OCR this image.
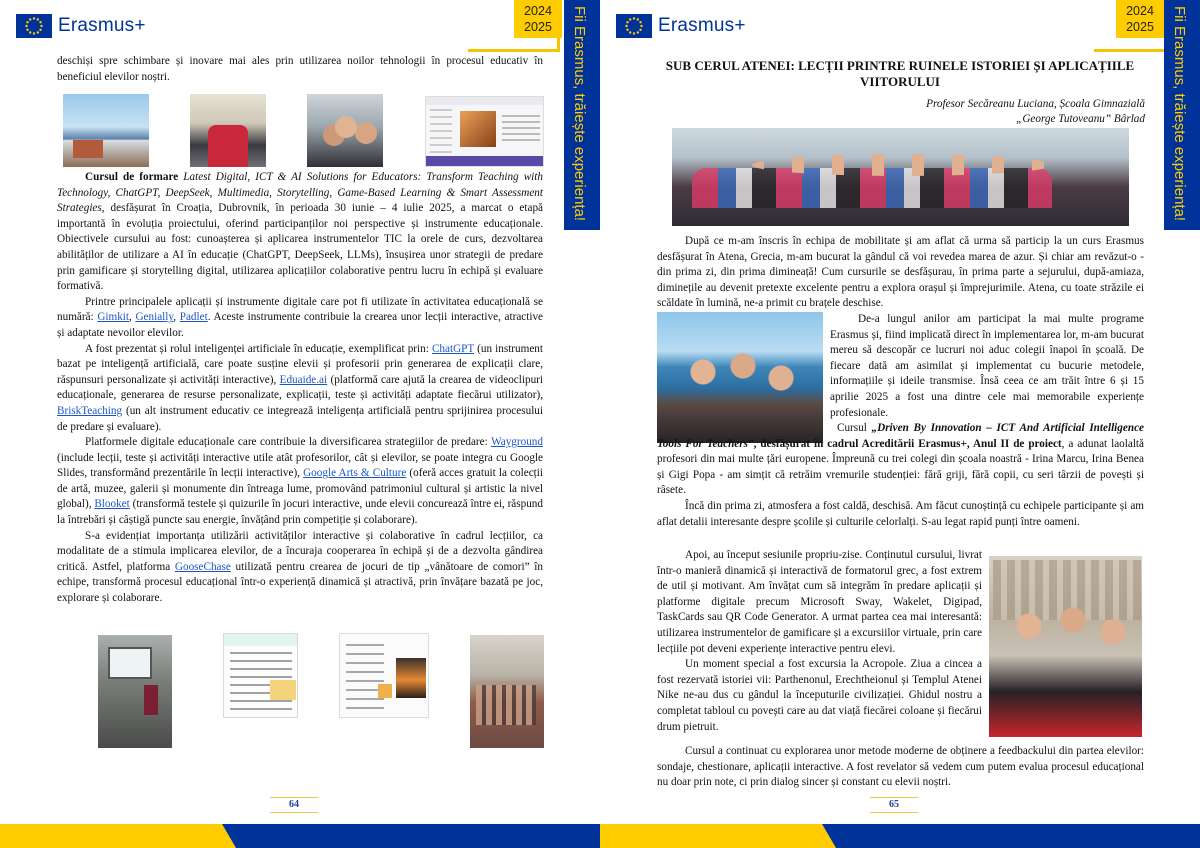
Erasmus+
2024
2025	Fii Erasmus, trăiește experiența!

deschiși spre schimbare și inovare mai ales prin utilizarea noilor tehnologii în procesul educativ în beneficiul elevilor noștri.

Cursul de formare Latest Digital, ICT & AI Solutions for Educators: Transform Teaching with Technology, ChatGPT, DeepSeek, Multimedia, Storytelling, Game-Based Learning & Smart Assessment Strategies, desfășurat în Croația, Dubrovnik, în perioada 30 iunie – 4 iulie 2025, a marcat o etapă importantă în evoluția proiectului, oferind participanților noi perspective și instrumente educaționale. Obiectivele cursului au fost: cunoașterea și aplicarea instrumentelor TIC la orele de curs, dezvoltarea abilităților de utilizare a AI în educație (ChatGPT, DeepSeek, LLMs), însușirea unor strategii de predare prin gamificare și storytelling digital, utilizarea aplicațiilor colaborative pentru lucru în echipă și evaluare formativă.

Printre principalele aplicații și instrumente digitale care pot fi utilizate în activitatea educațională se numără: Gimkit, Genially, Padlet. Aceste instrumente contribuie la crearea unor lecții interactive, atractive și adaptate nevoilor elevilor.

A fost prezentat și rolul inteligenței artificiale în educație, exemplificat prin: ChatGPT (un instrument bazat pe inteligență artificială, care poate susține elevii și profesorii prin generarea de explicații clare, răspunsuri personalizate și activități interactive), Eduaide.ai (platformă care ajută la crearea de videoclipuri educaționale, generarea de resurse personalizate, explicații, teste și activități adaptate fiecărui utilizator), BriskTeaching (un alt instrument educativ ce integrează inteligența artificială pentru sprijinirea procesului de predare și evaluare).

Platformele digitale educaționale care contribuie la diversificarea strategiilor de predare: Wayground (include lecții, teste și activități interactive utile atât profesorilor, cât și elevilor, se poate integra cu Google Slides, transformând prezentările în lecții interactive), Google Arts & Culture (oferă acces gratuit la colecții de artă, muzee, galerii și monumente din întreaga lume, promovând patrimoniul cultural și artistic la nivel global), Blooket (transformă testele și quizurile în jocuri interactive, unde elevii concurează între ei, răspund la întrebări și câștigă puncte sau energie, învățând prin competiție și colaborare).

S-a evidențiat importanța utilizării activităților interactive și colaborative în cadrul lecțiilor, ca modalitate de a stimula implicarea elevilor, de a încuraja cooperarea în echipă și de a dezvolta gândirea critică. Astfel, platforma GooseChase utilizată pentru crearea de jocuri de tip „vânătoare de comori” în echipe, transformă procesul educațional într-o experiență dinamică și atractivă, prin învățare bazată pe joc, explorare și colaborare.

64
Erasmus+
2024
2025	Fii Erasmus, trăiește experiența!
SUB CERUL ATENEI: LECȚII PRINTRE RUINELE ISTORIEI ȘI APLICAȚIILE VIITORULUI
Profesor Secăreanu Luciana, Școala Gimnazială
„George Tutoveanu” Bârlad

După ce m-am înscris în echipa de mobilitate și am aflat că urma să particip la un curs Erasmus desfășurat în Atena, Grecia, m-am bucurat la gândul că voi revedea marea de azur. Și chiar am revăzut-o - din prima zi, din prima dimineață! Cum cursurile se desfășurau, în prima parte a sejurului, după-amiaza, diminețile au devenit pretexte excelente pentru a explora orașul și împrejurimile. Atena, cu toate străzile ei scăldate în lumină, ne-a primit cu brațele deschise.

De-a lungul anilor am participat la mai multe programe Erasmus și, fiind implicată direct în implementarea lor, m-am bucurat mereu să descopăr ce lucruri noi aduc colegii înapoi în școală. De fiecare dată am asimilat și implementat cu bucurie metodele, informațiile și ideile transmise. Însă ceea ce am trăit între 6 și 15 aprilie 2025 a fost una dintre cele mai memorabile experiențe profesionale.

Cursul „Driven By Innovation – ICT And Artificial Intelligence Tools For Teachers”, desfășurat în cadrul Acreditării Erasmus+, Anul II de proiect, a adunat laolaltă profesori din mai multe țări europene. Împreună cu trei colegi din școala noastră - Irina Marcu, Irina Benea și Gigi Popa - am simțit că retrăim vremurile studenției: fără griji, fără copii, cu seri târzii de povești și râsete.

Încă din prima zi, atmosfera a fost caldă, deschisă. Am făcut cunoștință cu echipele participante și am aflat detalii interesante despre școlile și culturile celorlalți. S-au legat rapid punți între oameni.

Apoi, au început sesiunile propriu-zise. Conținutul cursului, livrat într-o manieră dinamică și interactivă de formatorul grec, a fost extrem de util și motivant. Am învățat cum să integrăm în predare aplicații și platforme digitale precum Microsoft Sway, Wakelet, Digipad, TaskCards sau QR Code Generator. A urmat partea cea mai interesantă: utilizarea instrumentelor de gamificare și a excursiilor virtuale, prin care lecțiile pot deveni experiențe interactive pentru elevi.

Un moment special a fost excursia la Acropole. Ziua a cincea a fost rezervată istoriei vii: Parthenonul, Erechtheionul și Templul Atenei Nike ne-au dus cu gândul la începuturile civilizației. Ghidul nostru a completat tabloul cu povești care au dat viață fiecărei coloane și fiecărui drum pietruit.

Cursul a continuat cu explorarea unor metode moderne de obținere a feedbackului din partea elevilor: sondaje, chestionare, aplicații interactive. A fost revelator să vedem cum putem evalua procesul educațional nu doar prin note, ci prin dialog sincer și constant cu elevii noștri.

65
